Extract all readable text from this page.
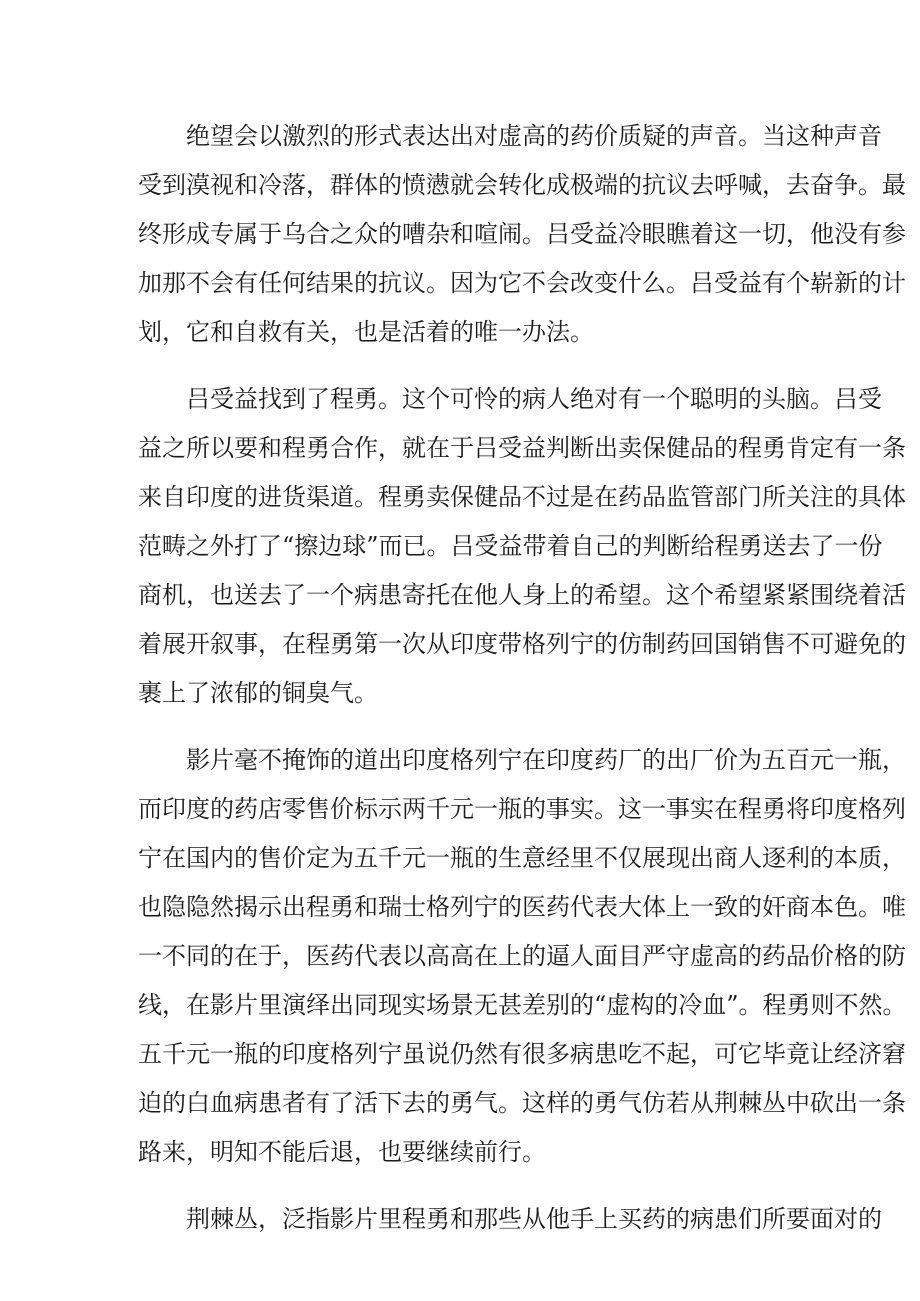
绝望会以激烈的形式表达出对虚高的药价质疑的声音。当这种声音
受到漠视和冷落，群体的愤懑就会转化成极端的抗议去呼喊，去奋争。最
终形成专属于乌合之众的嘈杂和喧闹。吕受益冷眼瞧着这一切，他没有参
加那不会有任何结果的抗议。因为它不会改变什么。吕受益有个崭新的计
划，它和自救有关，也是活着的唯一办法。
吕受益找到了程勇。这个可怜的病人绝对有一个聪明的头脑。吕受
益之所以要和程勇合作，就在于吕受益判断出卖保健品的程勇肯定有一条
来自印度的进货渠道。程勇卖保健品不过是在药品监管部门所关注的具体
范畴之外打了“擦边球”而已。吕受益带着自己的判断给程勇送去了一份
商机，也送去了一个病患寄托在他人身上的希望。这个希望紧紧围绕着活
着展开叙事，在程勇第一次从印度带格列宁的仿制药回国销售不可避免的
裹上了浓郁的铜臭气。
影片毫不掩饰的道出印度格列宁在印度药厂的出厂价为五百元一瓶，
而印度的药店零售价标示两千元一瓶的事实。这一事实在程勇将印度格列
宁在国内的售价定为五千元一瓶的生意经里不仅展现出商人逐利的本质，
也隐隐然揭示出程勇和瑞士格列宁的医药代表大体上一致的奸商本色。唯
一不同的在于，医药代表以高高在上的逼人面目严守虚高的药品价格的防
线，在影片里演绎出同现实场景无甚差别的“虚构的冷血”。程勇则不然。
五千元一瓶的印度格列宁虽说仍然有很多病患吃不起，可它毕竟让经济窘
迫的白血病患者有了活下去的勇气。这样的勇气仿若从荆棘丛中砍出一条
路来，明知不能后退，也要继续前行。
荆棘丛，泛指影片里程勇和那些从他手上买药的病患们所要面对的
